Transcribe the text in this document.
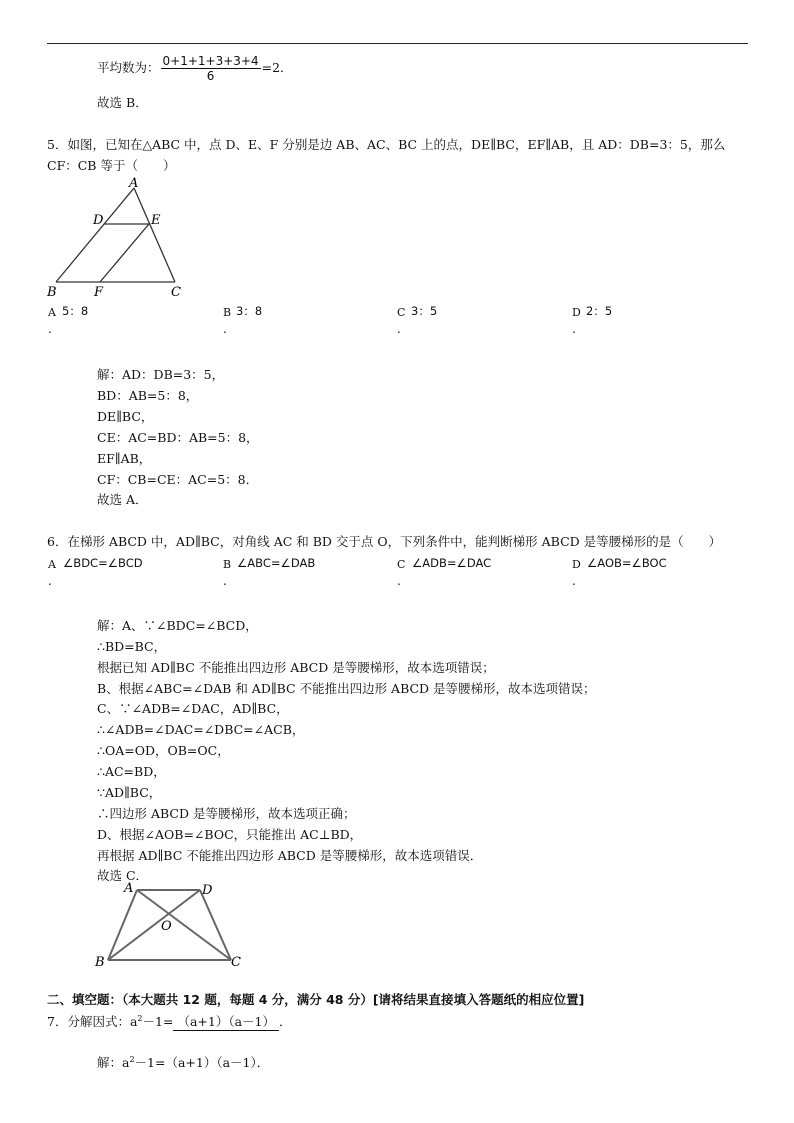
平均数为： $\frac{0+1+1+3+3+4}{6} =2$．
故选 B．
5．如图，已知在△ABC 中，点 D、E、F 分别是边 AB、AC、BC 上的点，DE∥BC，EF∥AB，且 AD：DB=3：5，那么
CF：CB 等于（　　）
A
D	E
B	F	C
A
.
5：8	B
.
3：8	C
.
3：5	D
.
2：5
解：AD：DB=3：5，
BD：AB=5：8，
DE∥BC，
CE：AC=BD：AB=5：8，
EF∥AB，
CF：CB=CE：AC=5：8．
故选 A．
6．在梯形 ABCD 中，AD∥BC，对角线 AC 和 BD 交于点 O，下列条件中，能判断梯形 ABCD 是等腰梯形的是（　　）
A
.
∠BDC=∠BCD	B
.
∠ABC=∠DAB	C
.
∠ADB=∠DAC	D
.
∠AOB=∠BOC
解：A、∵∠BDC=∠BCD，
∴BD=BC，
根据已知 AD∥BC 不能推出四边形 ABCD 是等腰梯形，故本选项错误；
B、根据∠ABC=∠DAB 和 AD∥BC 不能推出四边形 ABCD 是等腰梯形，故本选项错误；
C、∵∠ADB=∠DAC，AD∥BC，
∴∠ADB=∠DAC=∠DBC=∠ACB，
∴OA=OD，OB=OC，
∴AC=BD，
∵AD∥BC，
∴四边形 ABCD 是等腰梯形，故本选项正确；
D、根据∠AOB=∠BOC，只能推出 AC⊥BD，
再根据 AD∥BC 不能推出四边形 ABCD 是等腰梯形，故本选项错误．
故选 C．
A	D
O
B	C
二、填空题：（本大题共 12 题，每题 4 分，满分 48 分）[请将结果直接填入答题纸的相应位置]
7．分解因式：$a^2-1= (a+1)(a-1)$ ．
解：$a^2-1=(a+1)(a-1)$．
